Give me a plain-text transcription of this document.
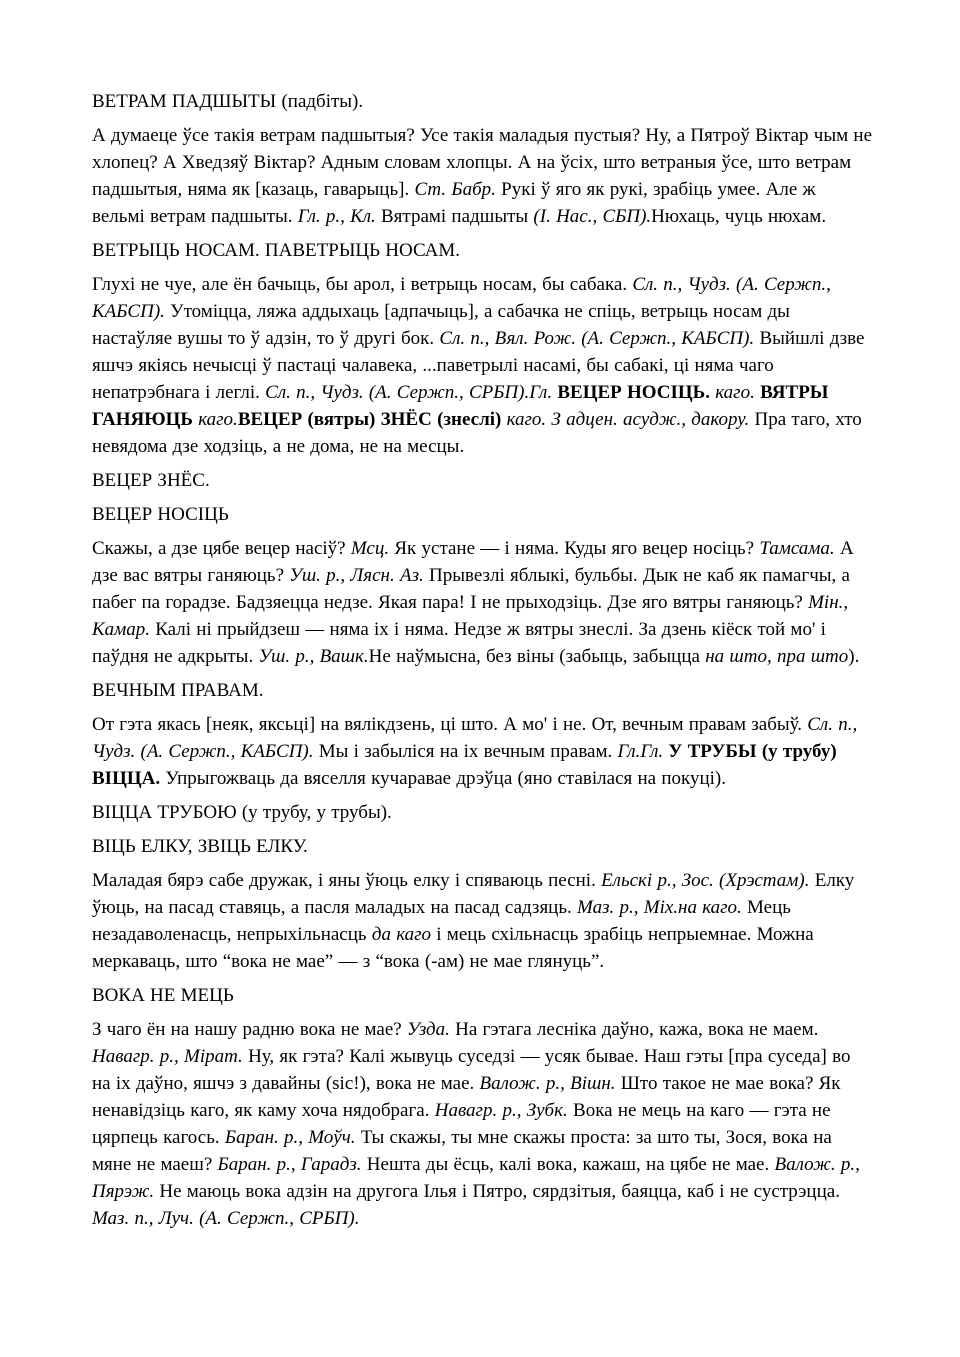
ВЕТРАМ ПАДШЫТЫ (падбіты).

А думаеце ўсе такія ветрам падшытыя? Усе такія маладыя пустыя? Ну, а Пятроў Віктар чым не хлопец? А Хведзяў Віктар? Адным словам хлопцы. А на ўсіх, што ветраныя ўсе, што ветрам падшытыя, няма як [казаць, гаварыць]. Ст. Бабр. Рукі ў яго як рукі, зрабіць умее. Але ж вельмі ветрам падшыты. Гл. р., Кл. Вятрамі падшыты (І. Нас., СБП).Нюхаць, чуць нюхам.

ВЕТРЫЦЬ НОСАМ. ПАВЕТРЫЦЬ НОСАМ.

Глухі не чуе, але ён бачыць, бы арол, і ветрыць носам, бы сабака. Сл. п., Чудз. (А. Сержп., КАБСП). Утоміцца, ляжа аддыхаць [адпачыць], а сабачка не спіць, ветрыць носам ды настаўляе вушы то ў адзін, то ў другі бок. Сл. п., Вял. Рож. (А. Сержп., КАБСП). Выйшлі дзве яшчэ якіясь нечысці ў пастаці чалавека, ...паветрылі насамі, бы сабакі, ці няма чаго непатрэбнага і леглі. Сл. п., Чудз. (А. Сержп., СРБП).Гл. ВЕЦЕР НОСІЦЬ. каго. ВЯТРЫ ГАНЯЮЦЬ каго.ВЕЦЕР (вятры) ЗНЁС (знеслі) каго. З адцен. асудж., дакору. Пра таго, хто невядома дзе ходзіць, а не дома, не на месцы.

ВЕЦЕР ЗНЁС.

ВЕЦЕР НОСІЦЬ

Скажы, а дзе цябе вецер насіў? Мсц. Як устане — і няма. Куды яго вецер носіць? Тамсама. А дзе вас вятры ганяюць? Уш. р., Лясн. Аз. Прывезлі яблыкі, бульбы. Дык не каб як памагчы, а пабег па горадзе. Бадзяецца недзе. Якая пара! І не прыходзіць. Дзе яго вятры ганяюць? Мін., Камар. Калі ні прыйдзеш — няма іх і няма. Недзе ж вятры знеслі. За дзень кіёск той мо' і паўдня не адкрыты. Уш. р., Вашк.Не наўмысна, без віны (забыць, забыцца на што, пра што).

ВЕЧНЫМ ПРАВАМ.

От гэта якась [неяк, яксьці] на вялікдзень, ці што. А мо' і не. От, вечным правам забыў. Сл. п., Чудз. (А. Сержп., КАБСП). Мы і забыліся на іх вечным правам. Гл.Гл. У ТРУБЫ (у трубу) ВІЦЦА. Упрыгожваць да вяселля кучаравае дрэўца (яно ставілася на покуці).

ВІЦЦА ТРУБОЮ (у трубу, у трубы).

ВІЦЬ ЕЛКУ, ЗВІЦЬ ЕЛКУ.

Маладая бярэ сабе дружак, і яны ўюць елку і спяваюць песні. Ельскі р., Зос. (Хрэстам). Елку ўюць, на пасад ставяць, а пасля маладых на пасад садзяць. Маз. р., Міх.на каго. Мець незадаволенасць, непрыхільнасць да каго і мець схільнасць зрабіць непрыемнае. Можна меркаваць, што “вока не мае” — з “вока (-ам) не мае глянуць”.

ВОКА НЕ МЕЦЬ

З чаго ён на нашу радню вока не мае? Узда. На гэтага лесніка даўно, кажа, вока не маем. Навагр. р., Мірат. Ну, як гэта? Калі жывуць суседзі — усяк бывае. Наш гэты [пра суседа] во на іх даўно, яшчэ з давайны (sіc!), вока не мае. Валож. р., Вішн. Што такое не мае вока? Як ненавідзіць каго, як каму хоча нядобрага. Навагр. р., Зубк. Вока не мець на каго — гэта не цярпець кагось. Баран. р., Моўч. Ты скажы, ты мне скажы проста: за што ты, Зося, вока на мяне не маеш? Баран. р., Гарадз. Нешта ды ёсць, калі вока, кажаш, на цябе не мае. Валож. р., Пярэж. Не маюць вока адзін на другога Ілья і Пятро, сярдзітыя, баяцца, каб і не сустрэцца. Маз. п., Луч. (А. Сержп., СРБП).
